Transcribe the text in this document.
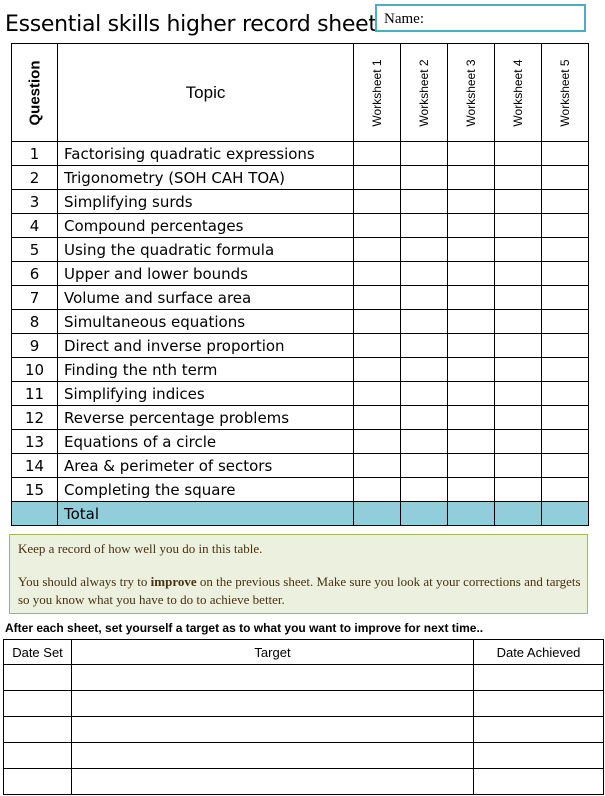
Essential skills higher record sheet Name:
Question	Topic	Worksheet 1	Worksheet 2	Worksheet 3	Worksheet 4	Worksheet 5

1	Factorising quadratic expressions					
2	Trigonometry (SOH CAH TOA)					
3	Simplifying surds					
4	Compound percentages					
5	Using the quadratic formula					
6	Upper and lower bounds					
7	Volume and surface area					
8	Simultaneous equations					
9	Direct and inverse proportion					
10	Finding the nth term					
11	Simplifying indices					
12	Reverse percentage problems					
13	Equations of a circle					
14	Area & perimeter of sectors					
15	Completing the square					
	Total					

Keep a record of how well you do in this table.

You should always try to improve on the previous sheet. Make sure you look at your corrections and targets so you know what you have to do to achieve better.

After each sheet, set yourself a target as to what you want to improve for next time..
Date Set	Target	Date Achieved
